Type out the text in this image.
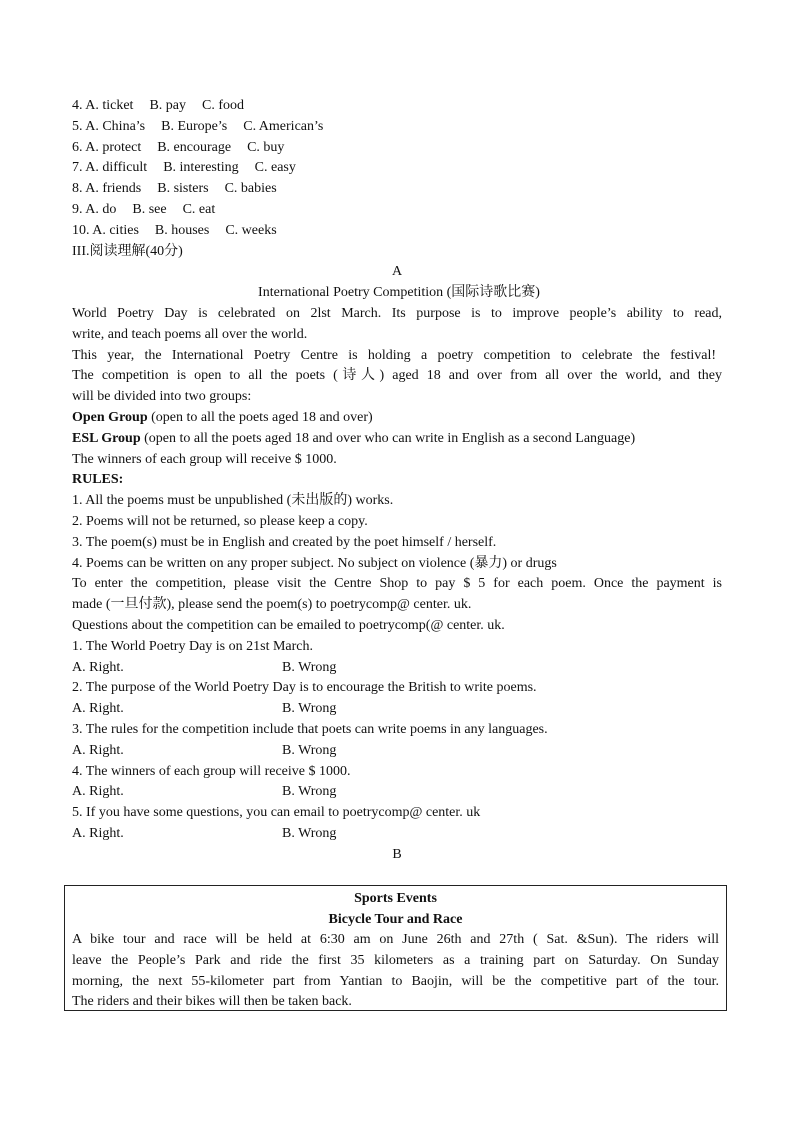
4. A. ticket B. pay C. food
5. A. China’s B. Europe’s C. American’s
6. A. protect B. encourage C. buy
7. A. difficult B. interesting C. easy
8. A. friends B. sisters C. babies
9. A. do B. see C. eat
10. A. cities B. houses C. weeks
III.阅读理解(40分)
A
International Poetry Competition (国际诗歌比赛)
World Poetry Day is celebrated on 2lst March. Its purpose is to improve people’s ability to read,
write, and teach poems all over the world.
This year, the International Poetry Centre is holding a poetry competition to celebrate the festival!
The competition is open to all the poets (诗人) aged 18 and over from all over the world, and they
will be divided into two groups:
Open Group (open to all the poets aged 18 and over)
ESL Group (open to all the poets aged 18 and over who can write in English as a second Language)
The winners of each group will receive $ 1000.
RULES:
1. All the poems must be unpublished (未出版的) works.
2. Poems will not be returned, so please keep a copy.
3. The poem(s) must be in English and created by the poet himself / herself.
4. Poems can be written on any proper subject. No subject on violence (暴力) or drugs
To enter the competition, please visit the Centre Shop to pay $ 5 for each poem. Once the payment is
made (一旦付款), please send the poem(s) to poetrycomp@ center. uk.
Questions about the competition can be emailed to poetrycomp(@ center. uk.
1. The World Poetry Day is on 21st March.
A. Right.	B. Wrong
2. The purpose of the World Poetry Day is to encourage the British to write poems.
A. Right.	B. Wrong
3. The rules for the competition include that poets can write poems in any languages.
A. Right.	B. Wrong
4. The winners of each group will receive $ 1000.
A. Right.	B. Wrong
5. If you have some questions, you can email to poetrycomp@ center. uk
A. Right.	B. Wrong
B
Sports Events
Bicycle Tour and Race
A bike tour and race will be held at 6:30 am on June 26th and 27th ( Sat. &Sun). The riders will
leave the People’s Park and ride the first 35 kilometers as a training part on Saturday. On Sunday
morning, the next 55-kilometer part from Yantian to Baojin, will be the competitive part of the tour.
The riders and their bikes will then be taken back.
